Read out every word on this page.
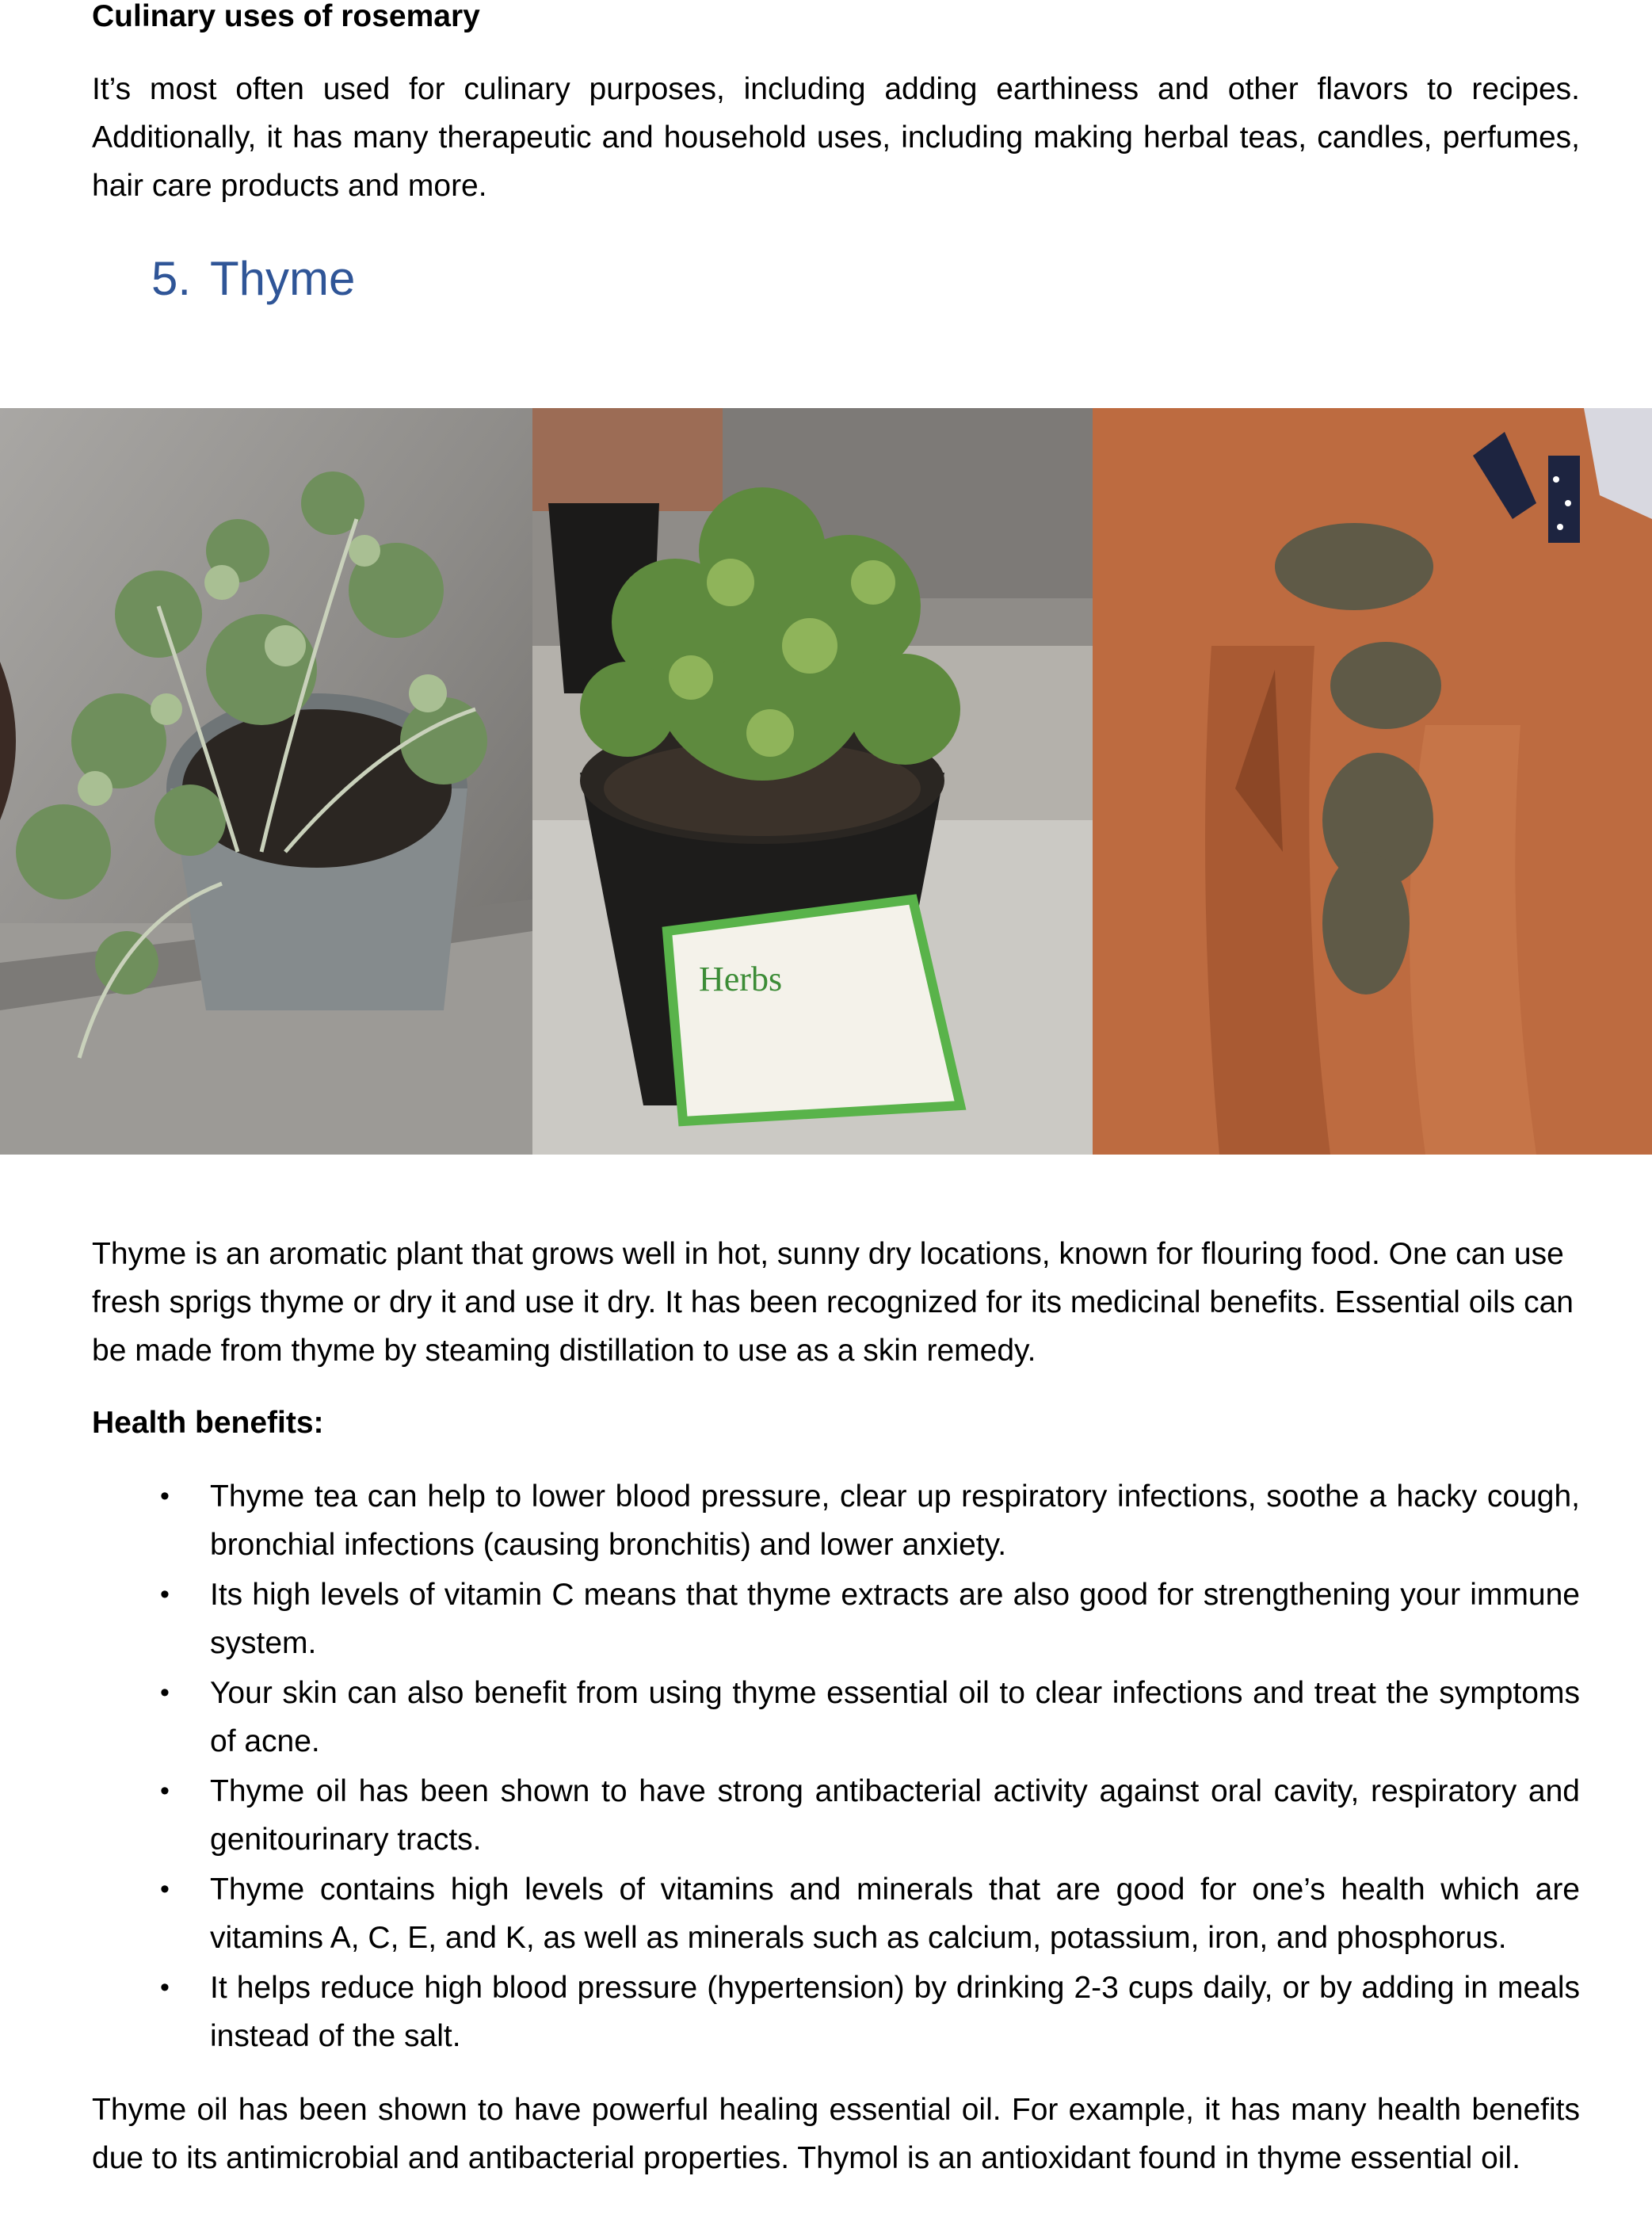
Culinary uses of rosemary
It’s most often used for culinary purposes, including adding earthiness and other flavors to recipes. Additionally, it has many therapeutic and household uses, including making herbal teas, candles, perfumes, hair care products and more.
5. Thyme
Herbs
Thyme is an aromatic plant that grows well in hot, sunny dry locations, known for flouring food. One can use fresh sprigs thyme or dry it and use it dry. It has been recognized for its medicinal benefits. Essential oils can be made from thyme by steaming distillation to use as a skin remedy.
Health benefits:
• Thyme tea can help to lower blood pressure, clear up respiratory infections, soothe a hacky cough, bronchial infections (causing bronchitis) and lower anxiety.
• Its high levels of vitamin C means that thyme extracts are also good for strengthening your immune system.
• Your skin can also benefit from using thyme essential oil to clear infections and treat the symptoms of acne.
• Thyme oil has been shown to have strong antibacterial activity against oral cavity, respiratory and genitourinary tracts.
• Thyme contains high levels of vitamins and minerals that are good for one’s health which are vitamins A, C, E, and K, as well as minerals such as calcium, potassium, iron, and phosphorus.
• It helps reduce high blood pressure (hypertension) by drinking 2-3 cups daily, or by adding in meals instead of the salt.
Thyme oil has been shown to have powerful healing essential oil. For example, it has many health benefits due to its antimicrobial and antibacterial properties. Thymol is an antioxidant found in thyme essential oil.
